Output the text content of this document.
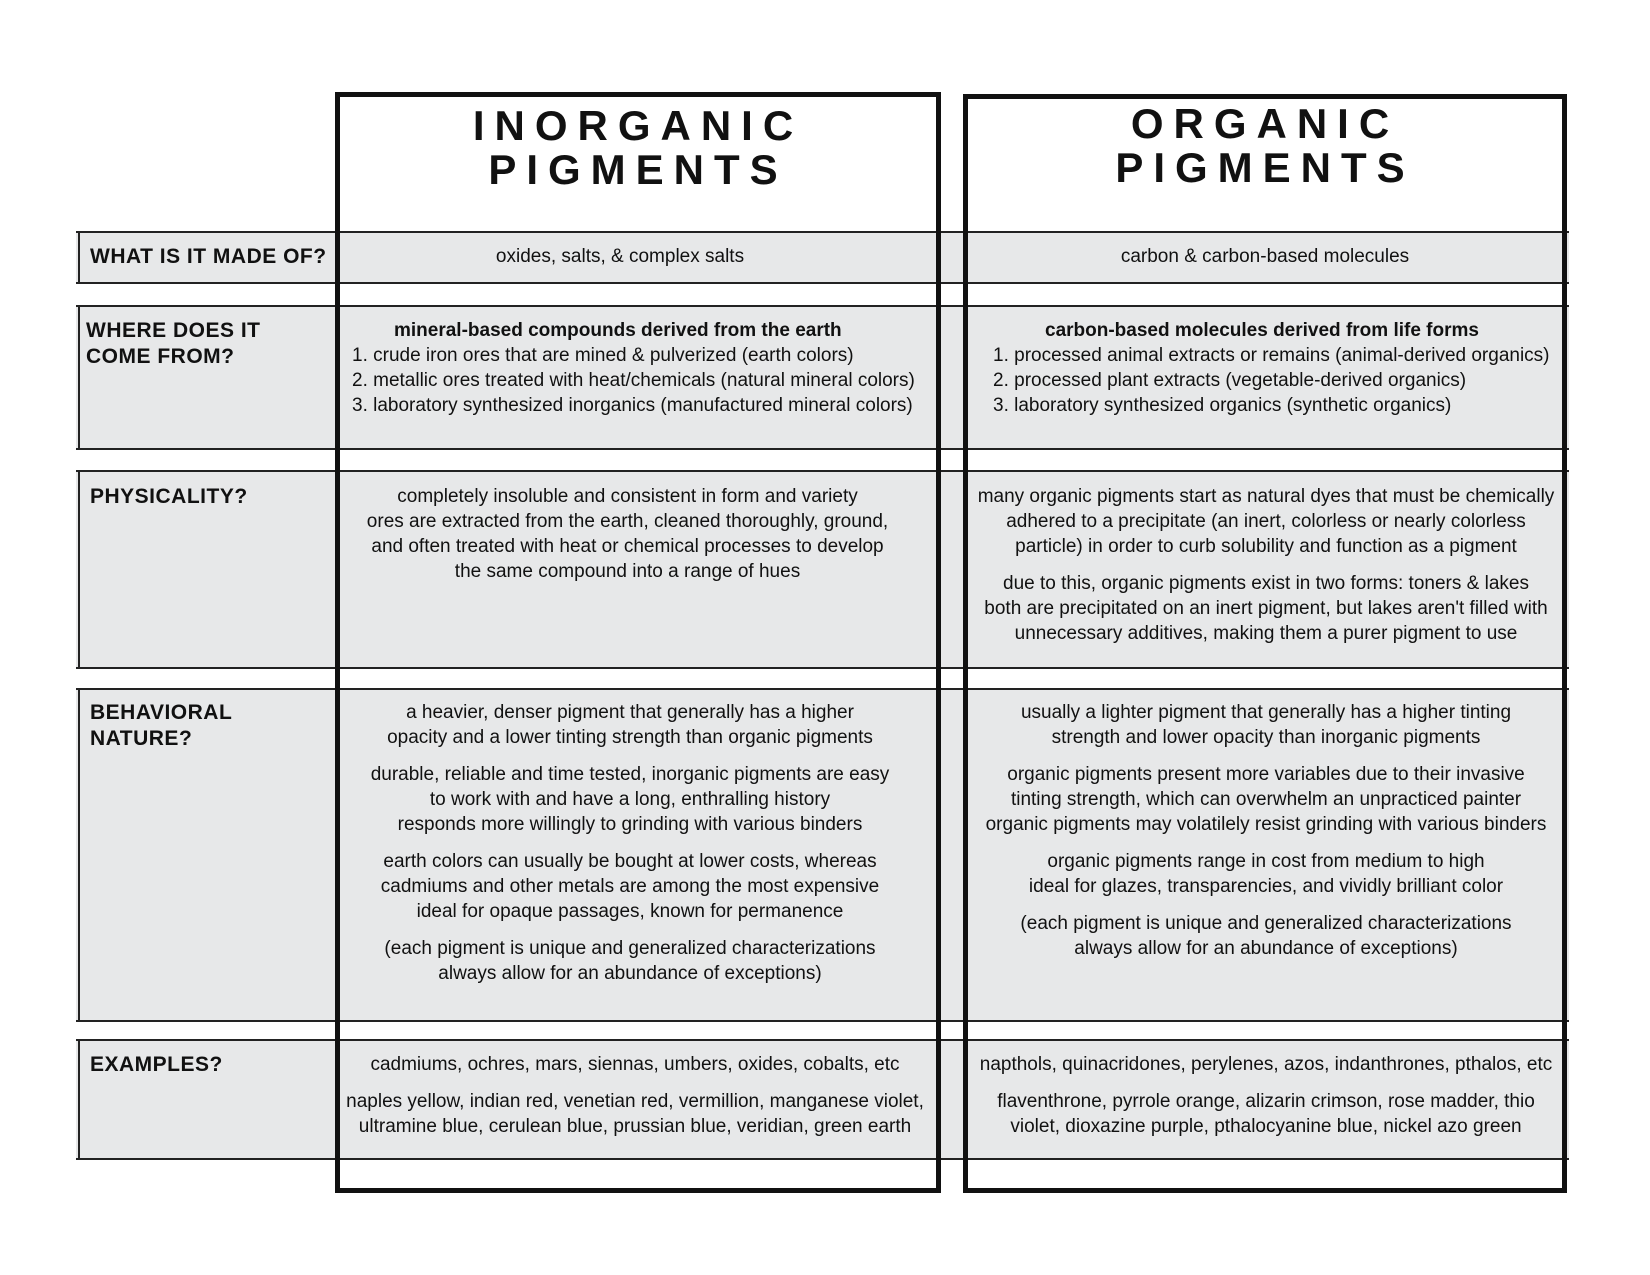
INORGANIC
PIGMENTS
ORGANIC
PIGMENTS
WHAT IS IT MADE OF?
WHERE DOES IT
COME FROM?
PHYSICALITY?
BEHAVIORAL
NATURE?
EXAMPLES?
oxides, salts, & complex salts	carbon & carbon-based molecules

mineral-based compounds derived from the earth

1. crude iron ores that are mined & pulverized (earth colors)
2. metallic ores treated with heat/chemicals (natural mineral colors)
3. laboratory synthesized inorganics (manufactured mineral colors)

carbon-based molecules derived from life forms

1. processed animal extracts or remains (animal-derived organics)
2. processed plant extracts (vegetable-derived organics)
3. laboratory synthesized organics (synthetic organics)

completely insoluble and consistent in form and variety

ores are extracted from the earth, cleaned thoroughly, ground,

and often treated with heat or chemical processes to develop

the same compound into a range of hues

many organic pigments start as natural dyes that must be chemically

adhered to a precipitate (an inert, colorless or nearly colorless

particle) in order to curb solubility and function as a pigment

due to this, organic pigments exist in two forms: toners & lakes

both are precipitated on an inert pigment, but lakes aren't filled with

unnecessary additives, making them a purer pigment to use

a heavier, denser pigment that generally has a higher

opacity and a lower tinting strength than organic pigments

durable, reliable and time tested, inorganic pigments are easy

to work with and have a long, enthralling history

responds more willingly to grinding with various binders

earth colors can usually be bought at lower costs, whereas

cadmiums and other metals are among the most expensive

ideal for opaque passages, known for permanence

(each pigment is unique and generalized characterizations

always allow for an abundance of exceptions)

usually a lighter pigment that generally has a higher tinting

strength and lower opacity than inorganic pigments

organic pigments present more variables due to their invasive

tinting strength, which can overwhelm an unpracticed painter

organic pigments may volatilely resist grinding with various binders

organic pigments range in cost from medium to high

ideal for glazes, transparencies, and vividly brilliant color

(each pigment is unique and generalized characterizations

always allow for an abundance of exceptions)

cadmiums, ochres, mars, siennas, umbers, oxides, cobalts, etc

naples yellow, indian red, venetian red, vermillion, manganese violet,

ultramine blue, cerulean blue, prussian blue, veridian, green earth

napthols, quinacridones, perylenes, azos, indanthrones, pthalos, etc

flaventhrone, pyrrole orange, alizarin crimson, rose madder, thio

violet, dioxazine purple, pthalocyanine blue, nickel azo green
